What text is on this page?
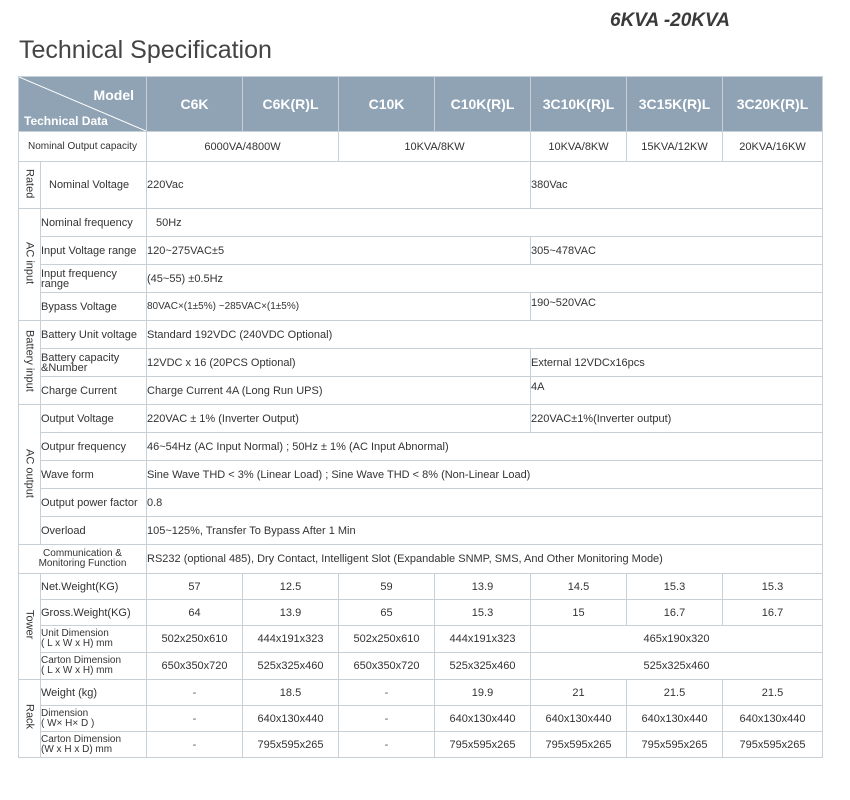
6KVA -20KVA
Technical Specification
Model
Technical Data		C6K	C6K(R)L	C10K	C10K(R)L	3C10K(R)L	3C15K(R)L	3C20K(R)L
Nominal Output capacity		6000VA/4800W		10KVA/8KW		10KVA/8KW	15KVA/12KW	20KVA/16KW
Rated	Nominal Voltage	220Vac				380Vac		
AC input	Nominal frequency	50Hz						
	Input Voltage range	120~275VAC±5				305~478VAC		
	Input frequency range	(45~55) ±0.5Hz						
	Bypass Voltage	80VAC×(1±5%) ~285VAC×(1±5%)				190~520VAC		
Battery input	Battery Unit voltage	Standard 192VDC (240VDC Optional)						
	Battery capacity &Number	12VDC x 16 (20PCS Optional)				External 12VDCx16pcs		
	Charge Current	Charge Current 4A (Long Run UPS)				4A		
AC output	Output Voltage	220VAC ± 1% (Inverter Output)				220VAC±1%(Inverter output)		
	Outpur frequency	46~54Hz (AC Input Normal) ; 50Hz ± 1% (AC Input Abnormal)						
	Wave form	Sine Wave THD < 3% (Linear Load) ; Sine Wave THD < 8% (Non-Linear Load)						
	Output power factor	0.8						
	Overload	105~125%, Transfer To Bypass After 1 Min						
Communication & Monitoring Function		RS232 (optional 485), Dry Contact, Intelligent Slot (Expandable SNMP, SMS, And Other Monitoring Mode)						
Tower	Net.Weight(KG)	57	12.5	59	13.9	14.5	15.3	15.3
	Gross.Weight(KG)	64	13.9	65	15.3	15	16.7	16.7

	Unit Dimension
( L x W x H) mm	502x250x610	444x191x323	502x250x610	444x191x323	465x190x320		

	Carton Dimension
( L x W x H) mm	650x350x720	525x325x460	650x350x720	525x325x460	525x325x460		
Rack	Weight (kg)	-	18.5	-	19.9	21	21.5	21.5

	Dimension
( W× H× D )	-	640x130x440	-	640x130x440	640x130x440	640x130x440	640x130x440

	Carton Dimension
(W x H x D) mm	-	795x595x265	-	795x595x265	795x595x265	795x595x265	795x595x265
